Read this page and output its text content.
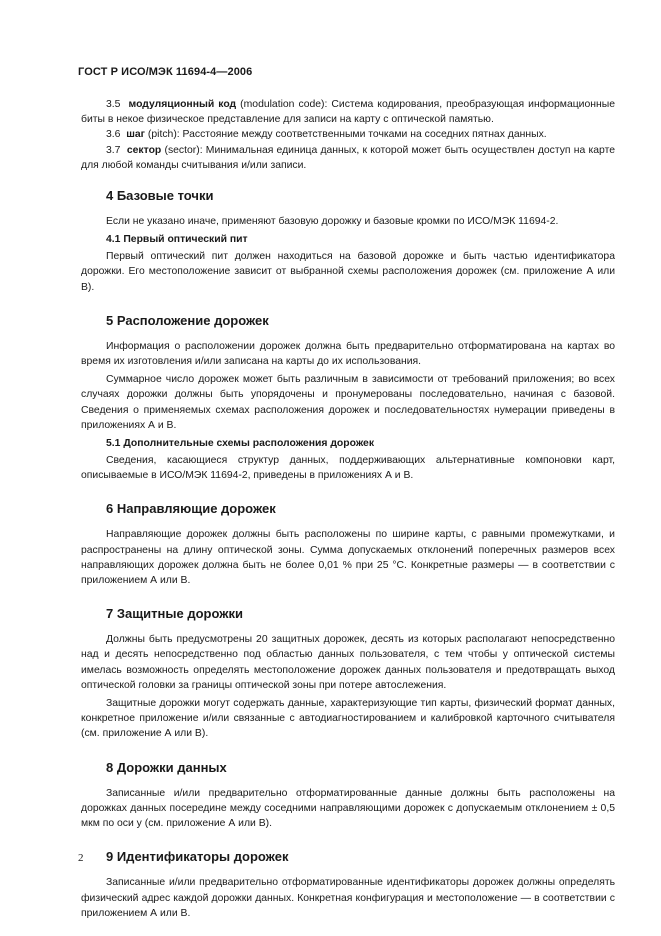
ГОСТ Р ИСО/МЭК 11694-4—2006

3.5 модуляционный код (modulation code): Система кодирования, преобразующая информационные биты в некое физическое представление для записи на карту с оптической памятью.

3.6 шаг (pitch): Расстояние между соответственными точками на соседних пятнах данных.

3.7 сектор (sector): Минимальная единица данных, к которой может быть осуществлен доступ на карте для любой команды считывания и/или записи.

4 Базовые точки

Если не указано иначе, применяют базовую дорожку и базовые кромки по ИСО/МЭК 11694-2.

4.1 Первый оптический пит

Первый оптический пит должен находиться на базовой дорожке и быть частью идентификатора дорожки. Его местоположение зависит от выбранной схемы расположения дорожек (см. приложение А или В).

5 Расположение дорожек

Информация о расположении дорожек должна быть предварительно отформатирована на картах во время их изготовления и/или записана на карты до их использования.

Суммарное число дорожек может быть различным в зависимости от требований приложения; во всех случаях дорожки должны быть упорядочены и пронумерованы последовательно, начиная с базовой. Сведения о применяемых схемах расположения дорожек и последовательностях нумерации приведены в приложениях А и В.

5.1 Дополнительные схемы расположения дорожек

Сведения, касающиеся структур данных, поддерживающих альтернативные компоновки карт, описываемые в ИСО/МЭК 11694-2, приведены в приложениях А и В.

6 Направляющие дорожек

Направляющие дорожек должны быть расположены по ширине карты, с равными промежутками, и распространены на длину оптической зоны. Сумма допускаемых отклонений поперечных размеров всех направляющих дорожек должна быть не более 0,01 % при 25 °С. Конкретные размеры — в соответствии с приложением А или В.

7 Защитные дорожки

Должны быть предусмотрены 20 защитных дорожек, десять из которых располагают непосредственно над и десять непосредственно под областью данных пользователя, с тем чтобы у оптической системы имелась возможность определять местоположение дорожек данных пользователя и предотвращать выход оптической головки за границы оптической зоны при потере автослежения.

Защитные дорожки могут содержать данные, характеризующие тип карты, физический формат данных, конкретное приложение и/или связанные с автодиагностированием и калибровкой карточного считывателя (см. приложение А или В).

8 Дорожки данных

Записанные и/или предварительно отформатированные данные должны быть расположены на дорожках данных посередине между соседними направляющими дорожек с допускаемым отклонением ± 0,5 мкм по оси у (см. приложение А или В).

9 Идентификаторы дорожек

Записанные и/или предварительно отформатированные идентификаторы дорожек должны определять физический адрес каждой дорожки данных. Конкретная конфигурация и местоположение — в соответствии с приложением А или В.

2
